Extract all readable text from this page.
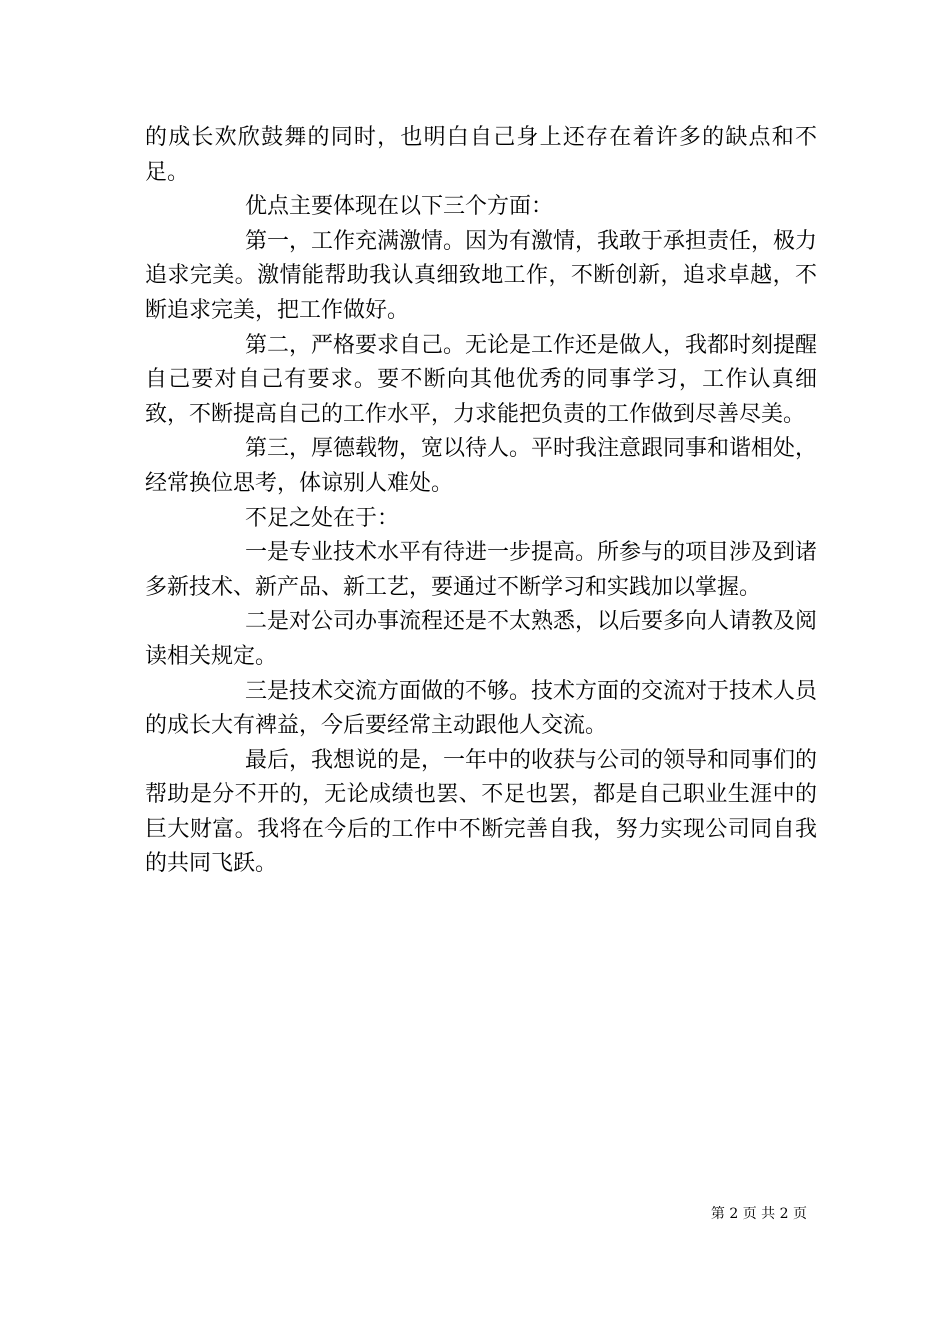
的成长欢欣鼓舞的同时，也明白自己身上还存在着许多的缺点和不足。

优点主要体现在以下三个方面：

第一，工作充满激情。因为有激情，我敢于承担责任，极力追求完美。激情能帮助我认真细致地工作，不断创新，追求卓越，不断追求完美，把工作做好。

第二，严格要求自己。无论是工作还是做人，我都时刻提醒自己要对自己有要求。要不断向其他优秀的同事学习，工作认真细致，不断提高自己的工作水平，力求能把负责的工作做到尽善尽美。

第三，厚德载物，宽以待人。平时我注意跟同事和谐相处，经常换位思考，体谅别人难处。

不足之处在于：

一是专业技术水平有待进一步提高。所参与的项目涉及到诸多新技术、新产品、新工艺，要通过不断学习和实践加以掌握。

二是对公司办事流程还是不太熟悉，以后要多向人请教及阅读相关规定。

三是技术交流方面做的不够。技术方面的交流对于技术人员的成长大有裨益，今后要经常主动跟他人交流。

最后，我想说的是，一年中的收获与公司的领导和同事们的帮助是分不开的，无论成绩也罢、不足也罢，都是自己职业生涯中的巨大财富。我将在今后的工作中不断完善自我，努力实现公司同自我的共同飞跃。

第 2 页 共 2 页
